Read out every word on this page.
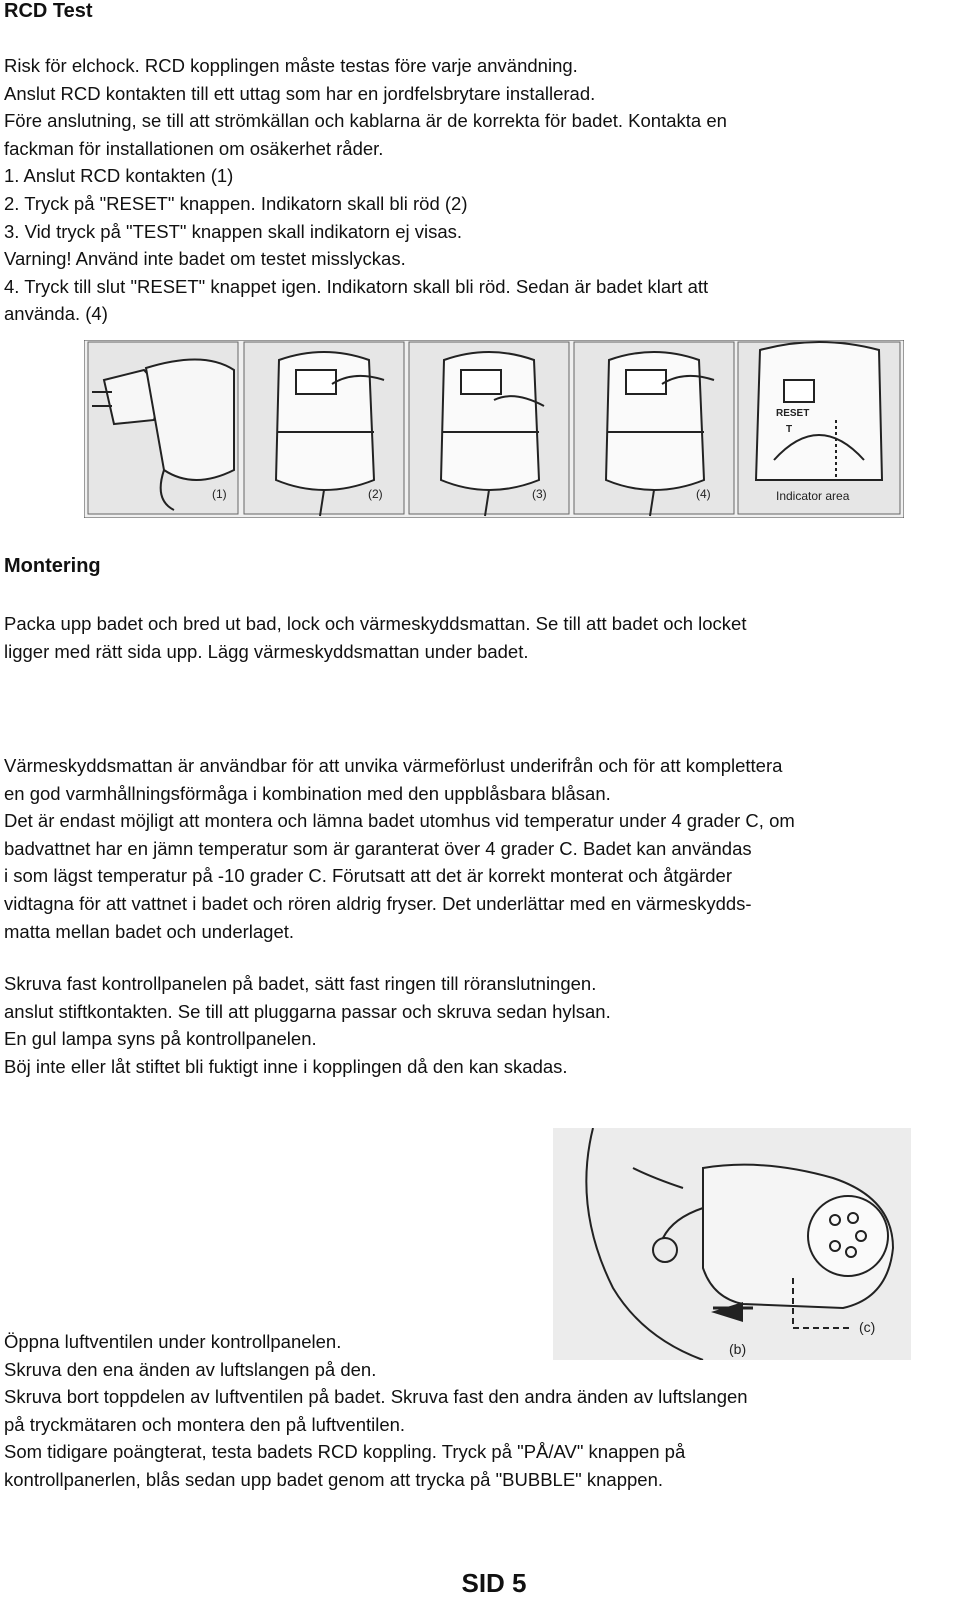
RCD Test
Risk för elchock. RCD kopplingen måste testas före varje användning.
Anslut RCD kontakten till ett uttag som har en jordfelsbrytare installerad.
Före anslutning, se till att strömkällan och kablarna är de korrekta för badet. Kontakta en
fackman för installationen om osäkerhet råder.
1. Anslut RCD kontakten (1)
2. Tryck på "RESET" knappen. Indikatorn skall bli röd (2)
3. Vid tryck på "TEST" knappen skall indikatorn ej visas.
Varning! Använd inte badet om testet misslyckas.
4. Tryck till slut "RESET" knappet igen. Indikatorn skall bli röd. Sedan är badet klart att
använda. (4)
(1)	(2)	(3)	(4)
RESET
T
Indicator area
Montering
Packa upp badet och bred ut bad, lock och värmeskyddsmattan. Se till att badet och locket
ligger med rätt sida upp. Lägg värmeskyddsmattan under badet.
Värmeskyddsmattan är användbar för att unvika värmeförlust underifrån och för att komplettera
en god varmhållningsförmåga i kombination med den uppblåsbara blåsan.
Det är endast möjligt att montera och lämna badet utomhus vid temperatur under 4 grader C, om
badvattnet har en jämn temperatur som är garanterat över 4 grader C. Badet kan användas
i som lägst temperatur på -10 grader C. Förutsatt att det är korrekt monterat och åtgärder
vidtagna för att vattnet i badet och rören aldrig fryser. Det underlättar med en värmeskydds-
matta mellan badet och underlaget.
Skruva fast kontrollpanelen på badet, sätt fast ringen till röranslutningen.
anslut stiftkontakten. Se till att pluggarna passar och skruva sedan hylsan.
En gul lampa syns på kontrollpanelen.
Böj inte eller låt stiftet bli fuktigt inne i kopplingen då den kan skadas.
(c)
(b)
Öppna luftventilen under kontrollpanelen.
Skruva den ena änden av luftslangen på den.
Skruva bort toppdelen av luftventilen på badet. Skruva fast den andra änden av luftslangen
på tryckmätaren och montera den på luftventilen.
Som tidigare poängterat, testa badets RCD koppling. Tryck på "PÅ/AV" knappen på
kontrollpanerlen, blås sedan upp badet genom att trycka på "BUBBLE" knappen.
SID 5
